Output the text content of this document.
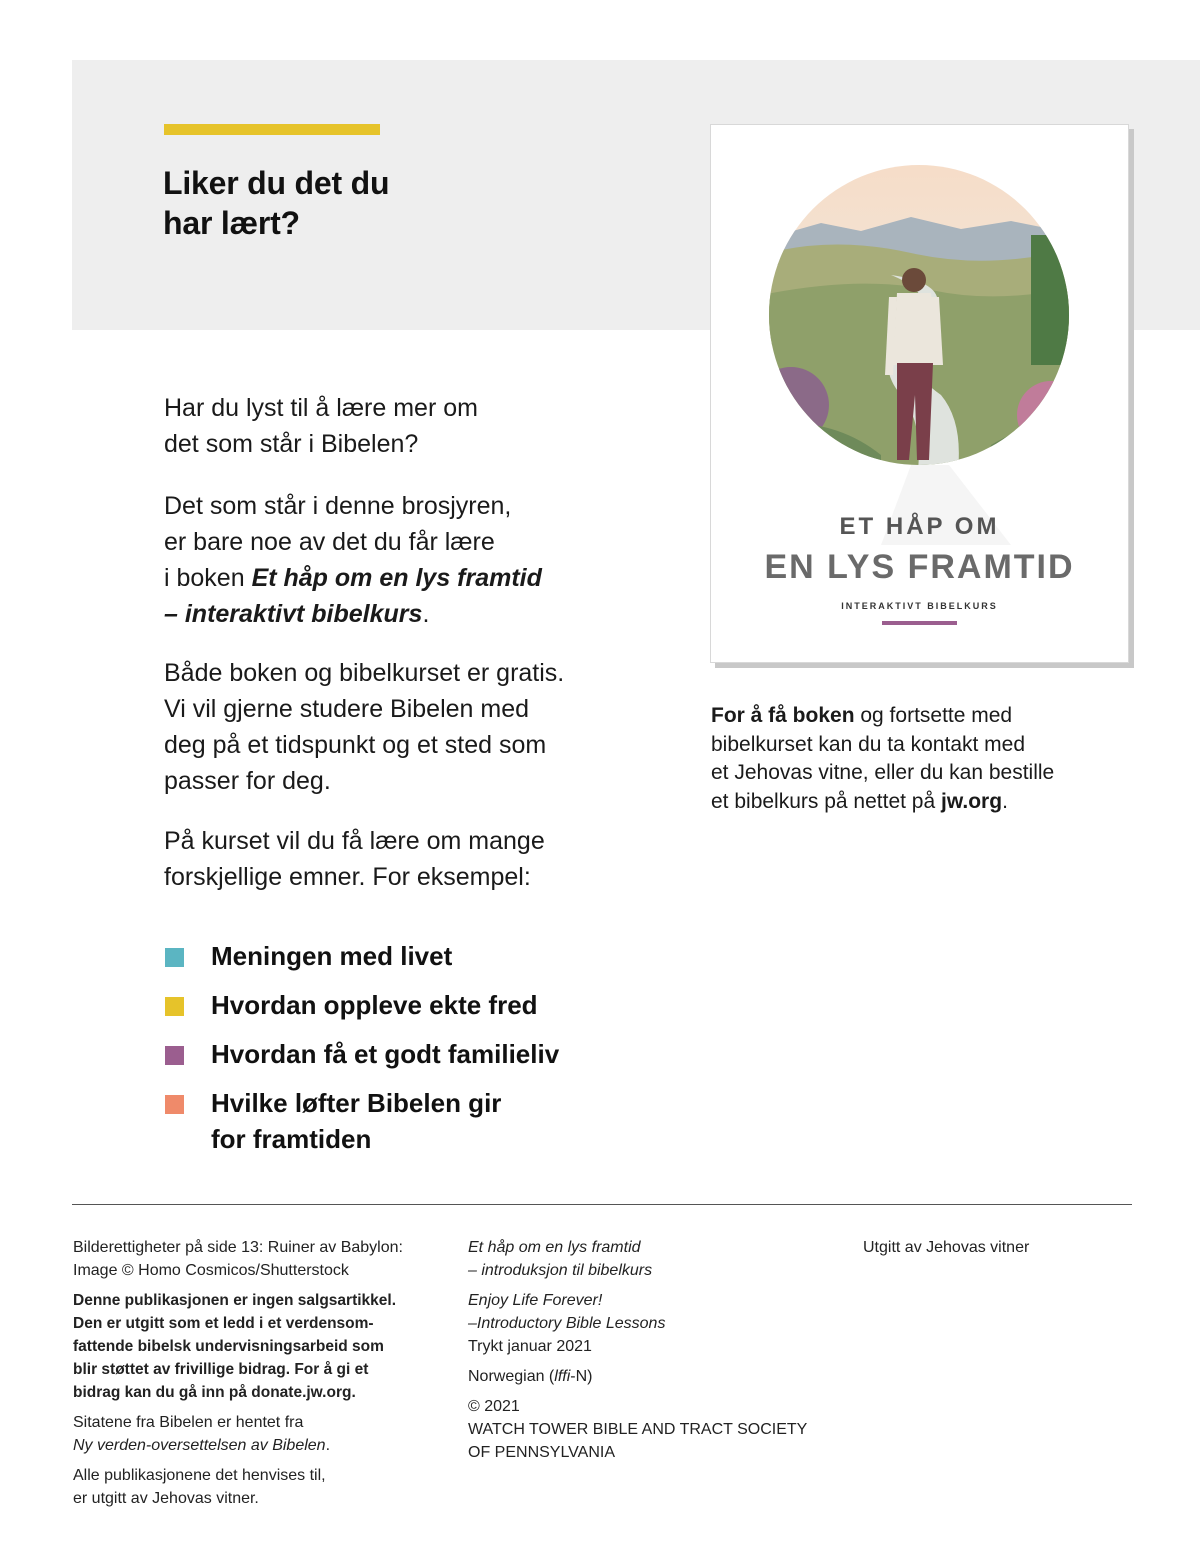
Liker du det du
har lært?
ET HÅP OM
EN LYS FRAMTID
INTERAKTIVT BIBELKURS

Har du lyst til å lære mer om
det som står i Bibelen?

Det som står i denne brosjyren,
er bare noe av det du får lære
i boken Et håp om en lys framtid
– interaktivt bibelkurs.

Både boken og bibelkurset er gratis.
Vi vil gjerne studere Bibelen med
deg på et tidspunkt og et sted som
passer for deg.

På kurset vil du få lære om mange
forskjellige emner. For eksempel:

Meningen med livet
Hvordan oppleve ekte fred
Hvordan få et godt familieliv
Hvilke løfter Bibelen gir
for framtiden
For å få boken og fortsette med
bibelkurset kan du ta kontakt med
et Jehovas vitne, eller du kan bestille
et bibelkurs på nettet på jw.org.
Bilderettigheter på side 13: Ruiner av Babylon:
Image © Homo Cosmicos/Shutterstock
Denne publikasjonen er ingen salgsartikkel.
Den er utgitt som et ledd i et verdensom-
fattende bibelsk undervisningsarbeid som
blir støttet av frivillige bidrag. For å gi et
bidrag kan du gå inn på donate.jw.org.
Sitatene fra Bibelen er hentet fra
Ny verden-oversettelsen av Bibelen.
Alle publikasjonene det henvises til,
er utgitt av Jehovas vitner.
Et håp om en lys framtid
– introduksjon til bibelkurs
Enjoy Life Forever!
–Introductory Bible Lessons
Trykt januar 2021
Norwegian (lffi-N)
© 2021
WATCH TOWER BIBLE AND TRACT SOCIETY
OF PENNSYLVANIA
Utgitt av Jehovas vitner
